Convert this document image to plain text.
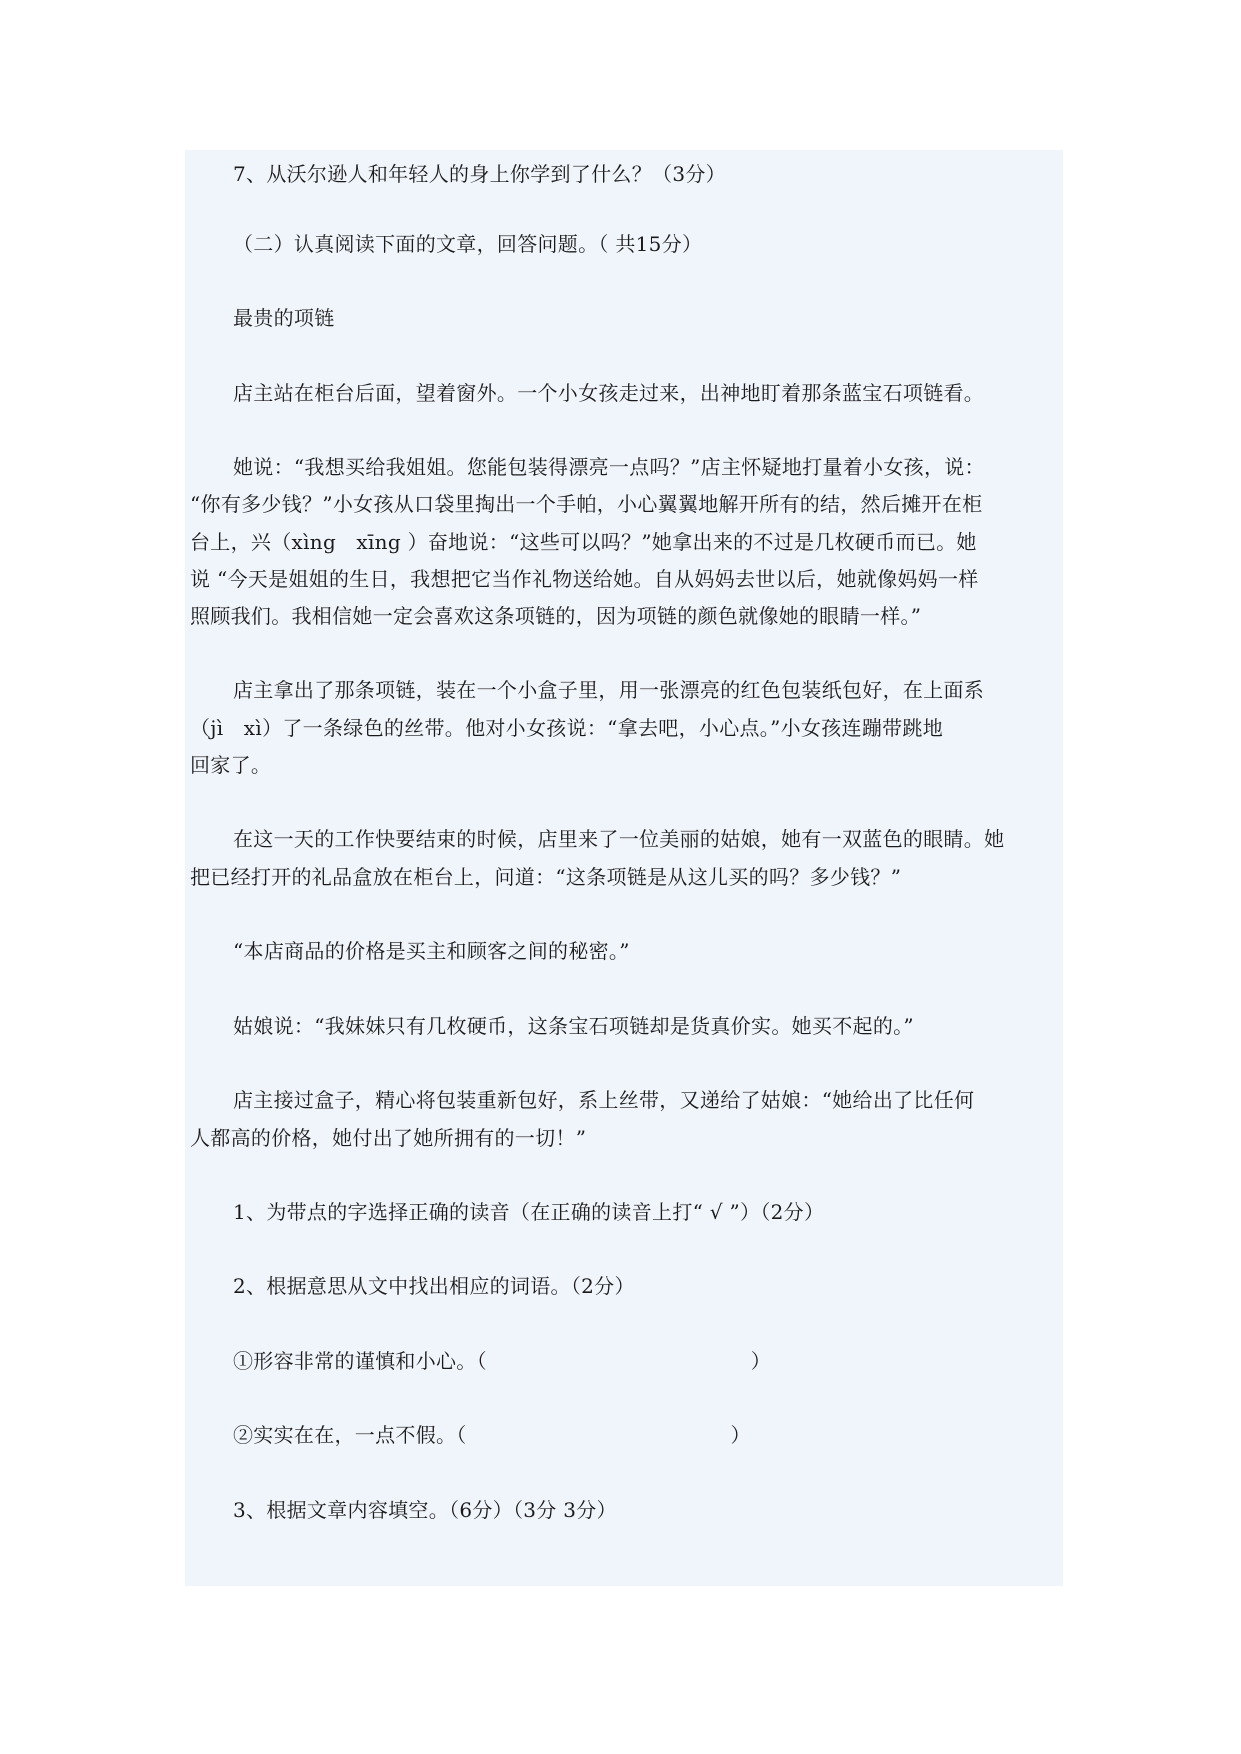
7、从沃尔逊人和年轻人的身上你学到了什么？（3分）
（二）认真阅读下面的文章，回答问题。（ 共15分）
最贵的项链
店主站在柜台后面，望着窗外。一个小女孩走过来，出神地盯着那条蓝宝石项链看。
她说：“我想买给我姐姐。您能包装得漂亮一点吗？”店主怀疑地打量着小女孩，说：
“你有多少钱？”小女孩从口袋里掏出一个手帕，小心翼翼地解开所有的结，然后摊开在柜
台上，兴（xìng　xīng ）奋地说：“这些可以吗？”她拿出来的不过是几枚硬币而已。她
说 “今天是姐姐的生日，我想把它当作礼物送给她。自从妈妈去世以后，她就像妈妈一样
照顾我们。我相信她一定会喜欢这条项链的，因为项链的颜色就像她的眼睛一样。”
店主拿出了那条项链，装在一个小盒子里，用一张漂亮的红色包装纸包好，在上面系
（jì　xì）了一条绿色的丝带。他对小女孩说：“拿去吧，小心点。”小女孩连蹦带跳地
回家了。
在这一天的工作快要结束的时候，店里来了一位美丽的姑娘，她有一双蓝色的眼睛。她
把已经打开的礼品盒放在柜台上，问道：“这条项链是从这儿买的吗？多少钱？”
“本店商品的价格是买主和顾客之间的秘密。”
姑娘说：“我妹妹只有几枚硬币，这条宝石项链却是货真价实。她买不起的。”
店主接过盒子，精心将包装重新包好，系上丝带，又递给了姑娘：“她给出了比任何
人都高的价格，她付出了她所拥有的一切！”
1、为带点的字选择正确的读音（在正确的读音上打“ √ ”）（2分）
2、根据意思从文中找出相应的词语。（2分）
①形容非常的谨慎和小心。（　　　　　　　　　　　　　）
②实实在在，一点不假。（　　　　　　　　　　　　　）
3、根据文章内容填空。（6分）（3分 3分）
